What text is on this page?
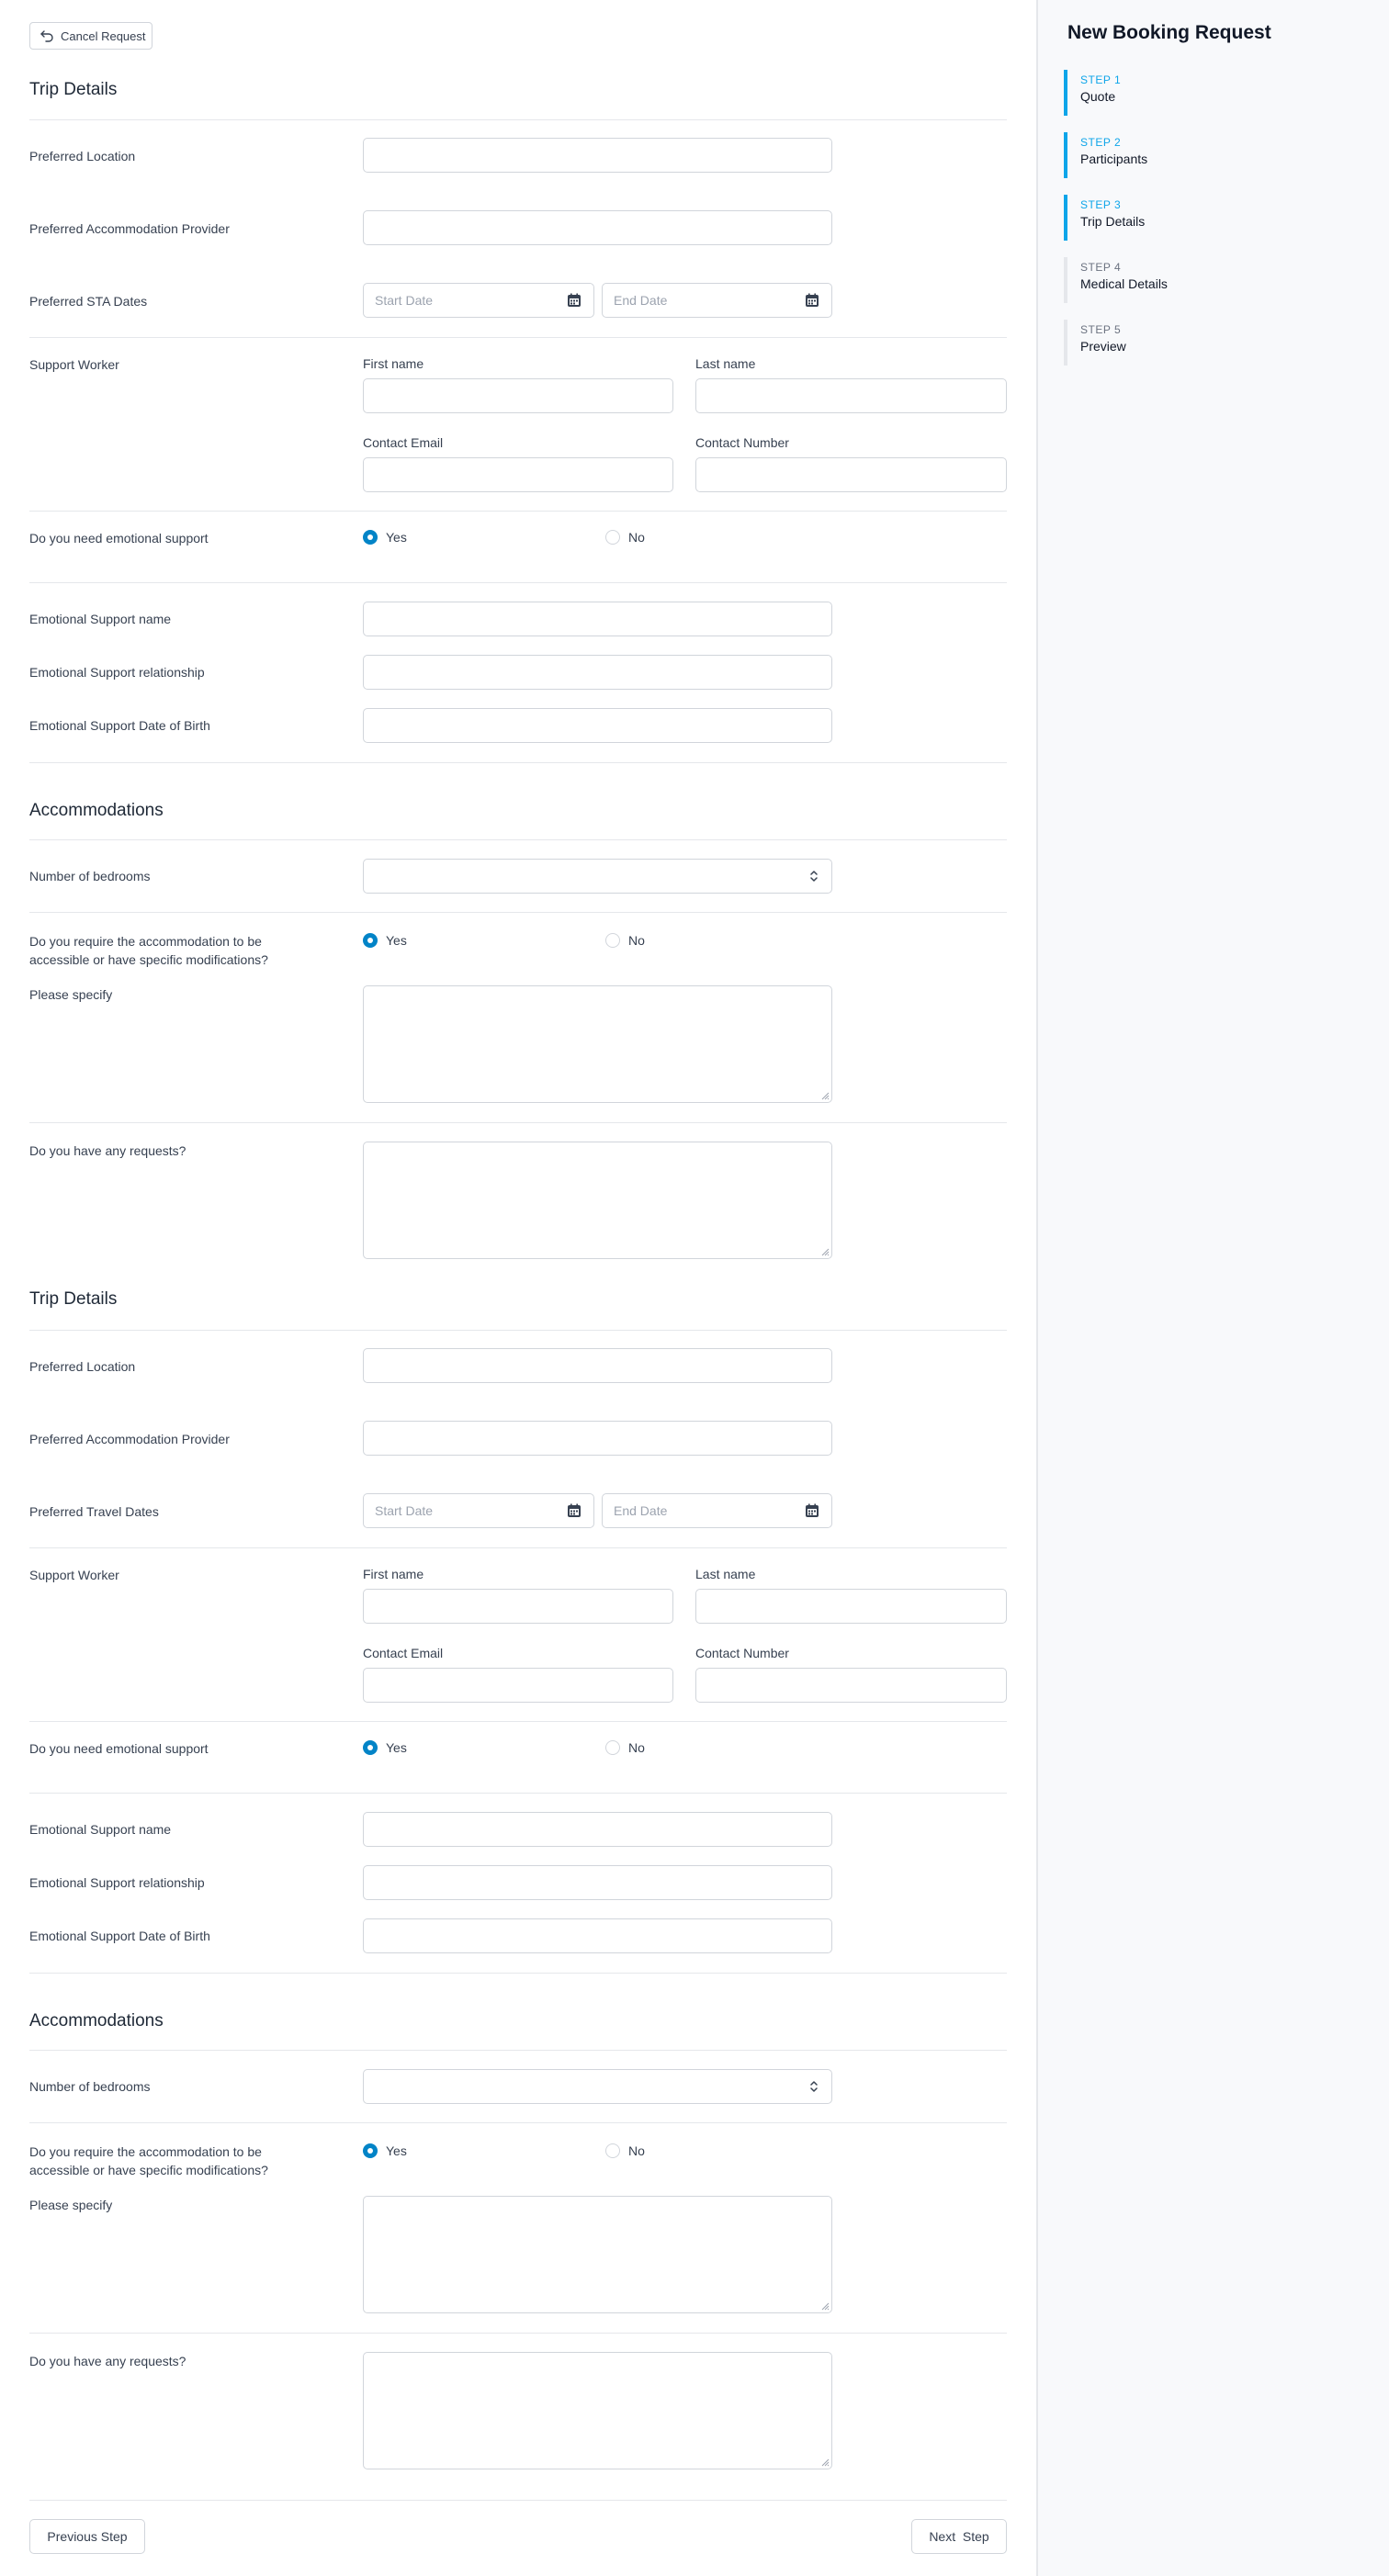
Cancel Request
Trip Details
Preferred Location
Preferred Accommodation Provider
Preferred STA Dates	Start Date	End Date
Support Worker	First name	Last name
Contact Email	Contact Number
Do you need emotional support	Yes	No
Emotional Support name
Emotional Support relationship
Emotional Support Date of Birth
Accommodations
Number of bedrooms
Do you require the accommodation to be
accessible or have specific modifications?
Yes	No
Please specify
Do you have any requests?
Trip Details
Preferred Location
Preferred Accommodation Provider
Preferred Travel Dates	Start Date	End Date
Support Worker	First name	Last name
Contact Email	Contact Number
Do you need emotional support	Yes	No
Emotional Support name
Emotional Support relationship
Emotional Support Date of Birth
Accommodations
Number of bedrooms
Do you require the accommodation to be
accessible or have specific modifications?
Yes	No
Please specify
Do you have any requests?
Previous Step	Next  Step
New Booking Request
STEP 1
Quote
STEP 2
Participants
STEP 3
Trip Details
STEP 4
Medical Details
STEP 5
Preview
